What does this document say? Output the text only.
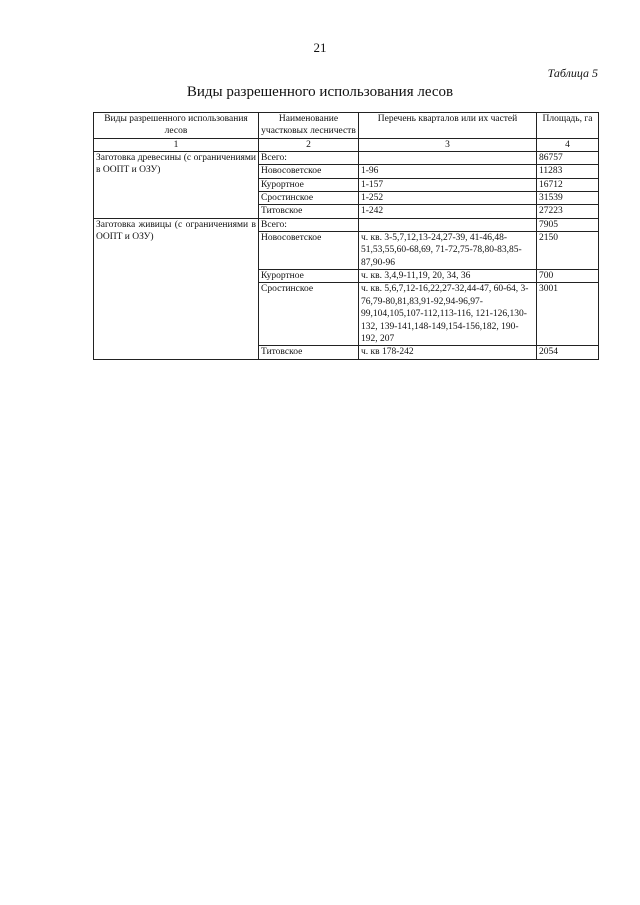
21
Таблица 5
Виды разрешенного использования лесов
Виды разрешенного использования лесов	Наименование участковых лесничеств	Перечень кварталов или их частей	Площадь, га
1	2	3	4
Заготовка древесины (с ограничениями в ООПТ и ОЗУ)	Всего:		86757
	Новосоветское	1-96	11283
	Курортное	1-157	16712
	Сростинское	1-252	31539
	Титовское	1-242	27223
Заготовка живицы (с ограничениями в ООПТ и ОЗУ)	Всего:		7905
	Новосоветское	ч. кв. 3-5,7,12,13-24,27-39, 41-46,48-51,53,55,60-68,69, 71-72,75-78,80-83,85-87,90-96	2150
	Курортное	ч. кв. 3,4,9-11,19, 20, 34, 36	700
	Сростинское	ч. кв. 5,6,7,12-16,22,27-32,44-47, 60-64, 3-76,79-80,81,83,91-92,94-96,97-99,104,105,107-112,113-116, 121-126,130-132, 139-141,148-149,154-156,182, 190-192, 207	3001
	Титовское	ч. кв 178-242	2054
